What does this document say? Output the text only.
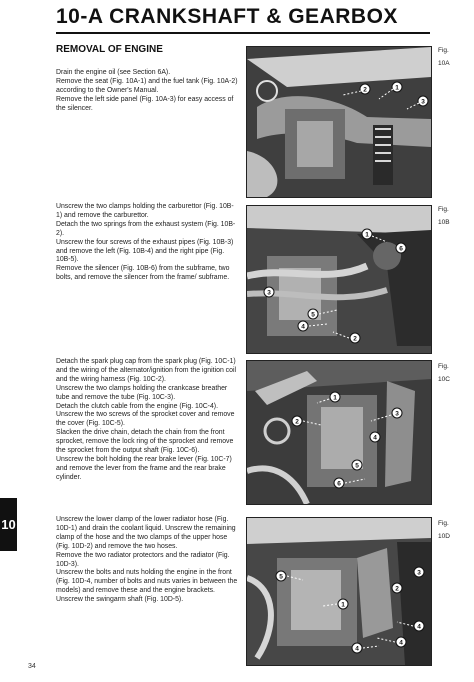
10-A CRANKSHAFT & GEARBOX
REMOVAL OF ENGINE
Drain the engine oil (see Section 6A).
Remove the seat (Fig. 10A-1) and the fuel tank (Fig. 10A-2) according to the Owner's Manual.
Remove the left side panel (Fig. 10A-3) for easy access of the silencer.
2	1
3
Fig.
10A
Unscrew the two clamps holding the carburettor (Fig. 10B-1) and remove the carburettor.
Detach the two springs from the exhaust system (Fig. 10B-2).
Unscrew the four screws of the exhaust pipes (Fig. 10B-3) and remove the left (Fig. 10B-4) and the right pipe (Fig. 10B-5).
Remove the silencer (Fig. 10B-6) from the subframe, two bolts, and remove the silencer from the frame/ subframe.
1
6
3
5
2
4
Fig.
10B
Detach the spark plug cap from the spark plug (Fig. 10C-1) and the wiring of the alternator/ignition from the ignition coil and the wiring harness (Fig. 10C-2).
Unscrew the two clamps holding the crankcase breather tube and remove the tube (Fig. 10C-3).
Detach the clutch cable from the engine (Fig. 10C-4).
Unscrew the two screws of the sprocket cover and remove the cover (Fig. 10C-5).
Slacken the drive chain, detach the chain from the front sprocket, remove the lock ring of the sprocket and remove the sprocket from the output shaft (Fig. 10C-6).
Unscrew the bolt holding the rear brake lever (Fig. 10C-7) and remove the lever from the frame and the rear brake cylinder.
2
1
3
4
5
6
Fig.
10C
Unscrew the lower clamp of the lower radiator hose (Fig. 10D-1) and drain the coolant liquid. Unscrew the remaining clamp of the hose and the two clamps of the upper hose (Fig. 10D-2) and remove the two hoses.
Remove the two radiator protectors and the radiator (Fig. 10D-3).
Unscrew the bolts and nuts holding the engine in the front (Fig. 10D-4, number of bolts and nuts varies in between the models) and remove these and the engine brackets.
Unscrew the swingarm shaft (Fig. 10D-5).
5
1
2
3
4
4
4
Fig.
10D
10
34
